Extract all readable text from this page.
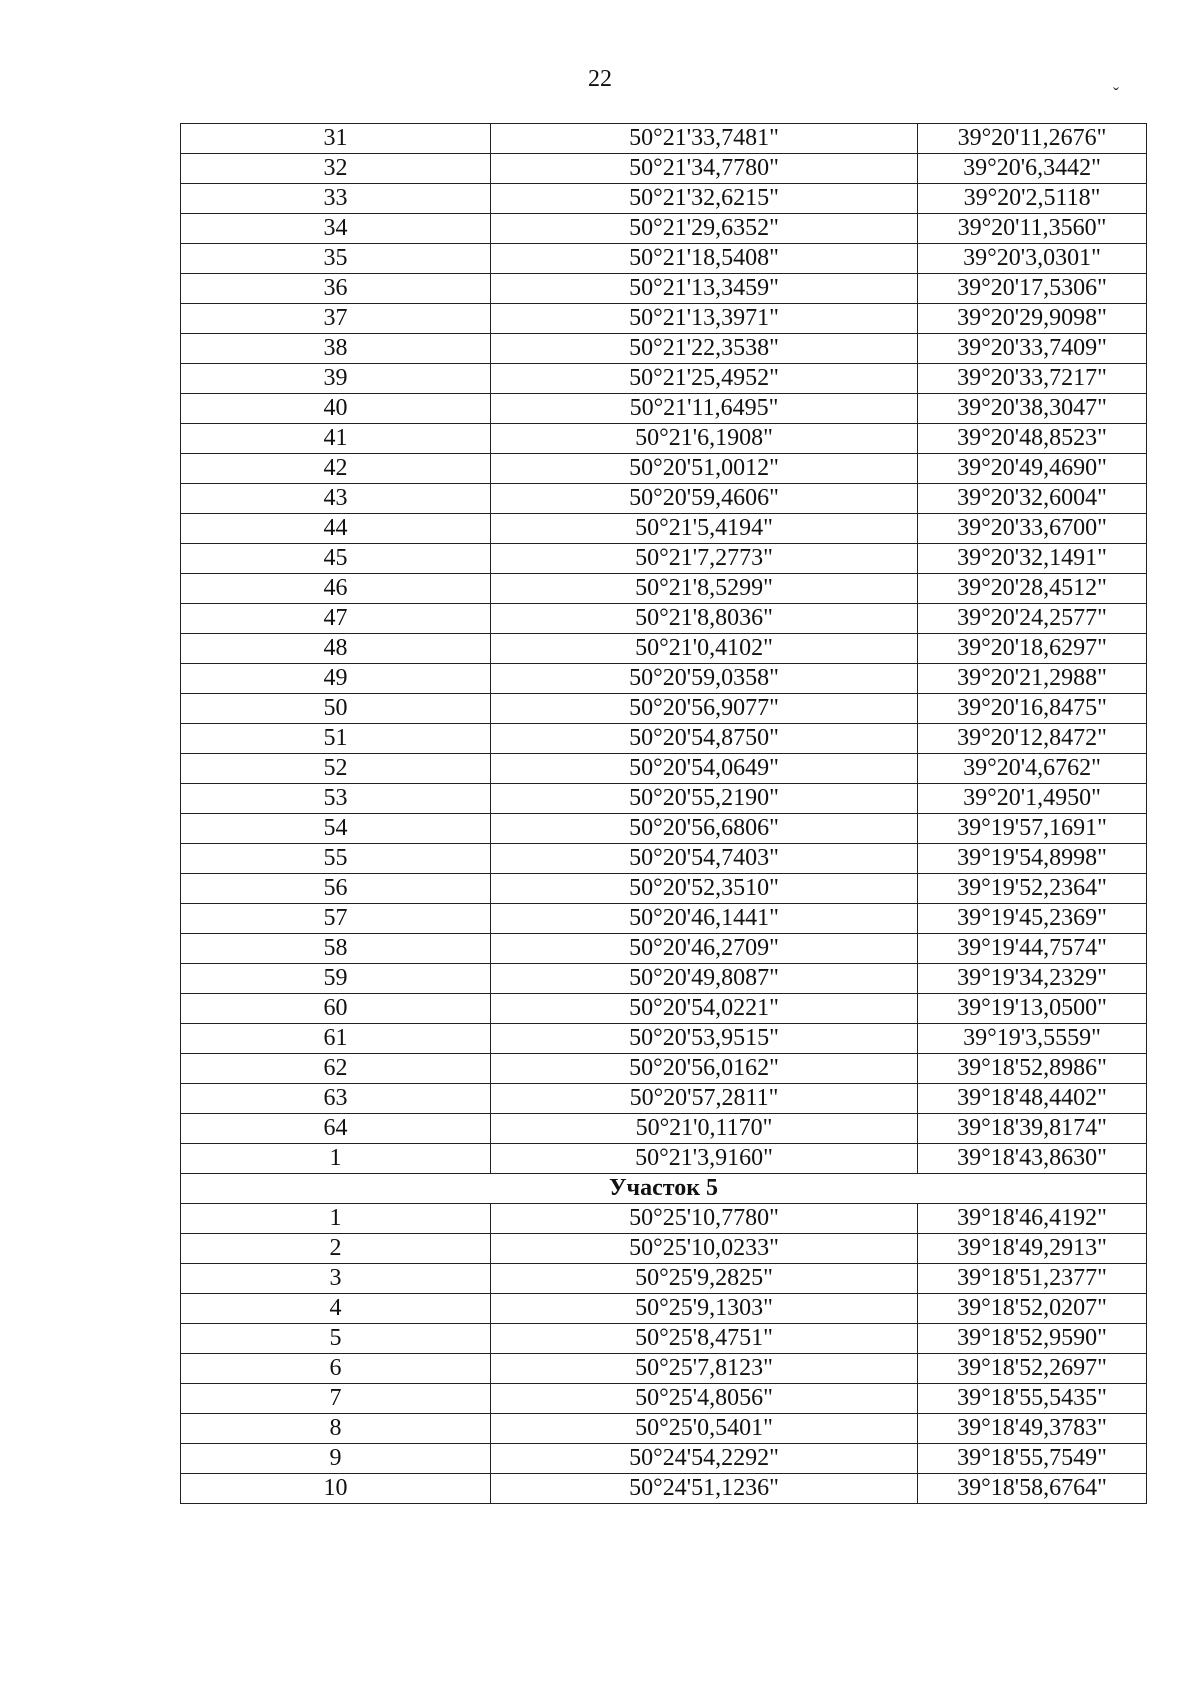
22
ˇ
31	50°21'33,7481"	39°20'11,2676"
32	50°21'34,7780"	39°20'6,3442"
33	50°21'32,6215"	39°20'2,5118"
34	50°21'29,6352"	39°20'11,3560"
35	50°21'18,5408"	39°20'3,0301"
36	50°21'13,3459"	39°20'17,5306"
37	50°21'13,3971"	39°20'29,9098"
38	50°21'22,3538"	39°20'33,7409"
39	50°21'25,4952"	39°20'33,7217"
40	50°21'11,6495"	39°20'38,3047"
41	50°21'6,1908"	39°20'48,8523"
42	50°20'51,0012"	39°20'49,4690"
43	50°20'59,4606"	39°20'32,6004"
44	50°21'5,4194"	39°20'33,6700"
45	50°21'7,2773"	39°20'32,1491"
46	50°21'8,5299"	39°20'28,4512"
47	50°21'8,8036"	39°20'24,2577"
48	50°21'0,4102"	39°20'18,6297"
49	50°20'59,0358"	39°20'21,2988"
50	50°20'56,9077"	39°20'16,8475"
51	50°20'54,8750"	39°20'12,8472"
52	50°20'54,0649"	39°20'4,6762"
53	50°20'55,2190"	39°20'1,4950"
54	50°20'56,6806"	39°19'57,1691"
55	50°20'54,7403"	39°19'54,8998"
56	50°20'52,3510"	39°19'52,2364"
57	50°20'46,1441"	39°19'45,2369"
58	50°20'46,2709"	39°19'44,7574"
59	50°20'49,8087"	39°19'34,2329"
60	50°20'54,0221"	39°19'13,0500"
61	50°20'53,9515"	39°19'3,5559"
62	50°20'56,0162"	39°18'52,8986"
63	50°20'57,2811"	39°18'48,4402"
64	50°21'0,1170"	39°18'39,8174"
1	50°21'3,9160"	39°18'43,8630"
Участок 5		
1	50°25'10,7780"	39°18'46,4192"
2	50°25'10,0233"	39°18'49,2913"
3	50°25'9,2825"	39°18'51,2377"
4	50°25'9,1303"	39°18'52,0207"
5	50°25'8,4751"	39°18'52,9590"
6	50°25'7,8123"	39°18'52,2697"
7	50°25'4,8056"	39°18'55,5435"
8	50°25'0,5401"	39°18'49,3783"
9	50°24'54,2292"	39°18'55,7549"
10	50°24'51,1236"	39°18'58,6764"
